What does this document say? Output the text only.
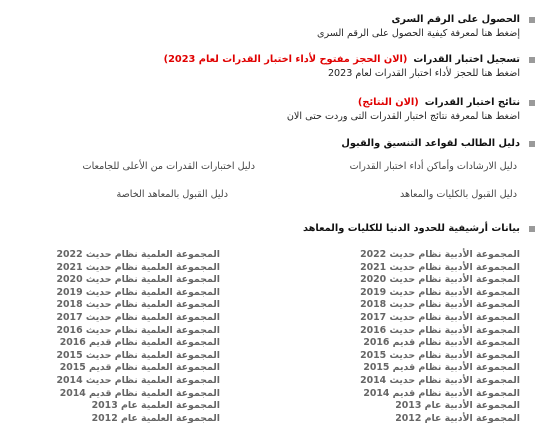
الحصول على الرقم السرى
إضغط هنا لمعرفة كيفية الحصول على الرقم السرى
تسجيل اختبار القدرات
(الان الحجز مفتوح لأداء اختبار القدرات لعام 2023)
اضغط هنا للحجز لأداء اختبار القدرات لعام 2023
نتائج اختبار القدرات
(الان النتائج)
اضغط هنا لمعرفة نتائج اختبار القدرات التى وردت حتى الان
دليل الطالب لقواعد التنسيق والقبول
دليل الارشادات وأماكن أداء اختبار القدرات
دليل اختبارات القدرات من الأعلى للجامعات
دليل القبول بالكليات والمعاهد
دليل القبول بالمعاهد الخاصة
بيانات أرشيفية للحدود الدنيا للكليات والمعاهد
المجموعة الأدبية نظام حديث 2022
المجموعة الأدبية نظام حديث 2021
المجموعة الأدبية نظام حديث 2020
المجموعة الأدبية نظام حديث 2019
المجموعة الأدبية نظام حديث 2018
المجموعة الأدبية نظام حديث 2017
المجموعة الأدبية نظام حديث 2016
المجموعة الأدبية نظام قديم 2016
المجموعة الأدبية نظام حديث 2015
المجموعة الأدبية نظام قديم 2015
المجموعة الأدبية نظام حديث 2014
المجموعة الأدبية نظام قديم 2014
المجموعة الأدبية عام 2013
المجموعة الأدبية عام 2012
المجموعة العلمية نظام حديث 2022
المجموعة العلمية نظام حديث 2021
المجموعة العلمية نظام حديث 2020
المجموعة العلمية نظام حديث 2019
المجموعة العلمية نظام حديث 2018
المجموعة العلمية نظام حديث 2017
المجموعة العلمية نظام حديث 2016
المجموعة العلمية نظام قديم 2016
المجموعة العلمية نظام حديث 2015
المجموعة العلمية نظام قديم 2015
المجموعة العلمية نظام حديث 2014
المجموعة العلمية نظام قديم 2014
المجموعة العلمية عام 2013
المجموعة العلمية عام 2012
